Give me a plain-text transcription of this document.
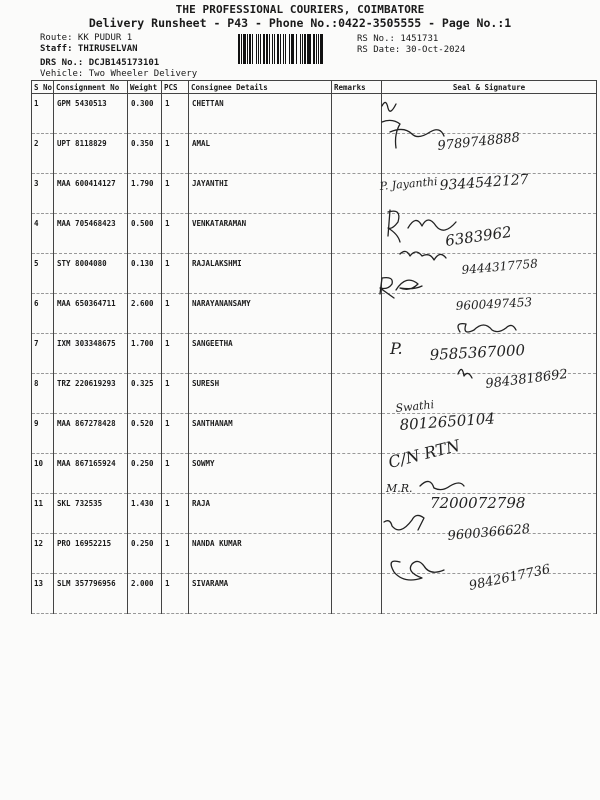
THE PROFESSIONAL COURIERS, COIMBATORE
Delivery Runsheet - P43 - Phone No.:0422-3505555 - Page No.:1
Route: KK PUDUR 1
Staff: THIRUSELVAN
DRS No.: DCJB145173101
Vehicle: Two Wheeler Delivery
RS No.: 1451731
RS Date: 30-Oct-2024
S No	Consignment No	Weight	PCS	Consignee Details	Remarks	Seal & Signature
1	GPM 5430513	0.300	1	CHETTAN		
2	UPT 8118829	0.350	1	AMAL		
3	MAA 600414127	1.790	1	JAYANTHI		
4	MAA 705468423	0.500	1	VENKATARAMAN		
5	STY 8004080	0.130	1	RAJALAKSHMI		
6	MAA 650364711	2.600	1	NARAYANANSAMY		
7	IXM 303348675	1.700	1	SANGEETHA		
8	TRZ 220619293	0.325	1	SURESH		
9	MAA 867278428	0.520	1	SANTHANAM		
10	MAA 867165924	0.250	1	SOWMY		
11	SKL 732535	1.430	1	RAJA		
12	PRO 16952215	0.250	1	NANDA KUMAR		
13	SLM 357796956	2.000	1	SIVARAMA		
9789748888
P. Jayanthi 9344542127
6383962
9444317758
9600497453
P. 9585367000
9843818692
Swathi
8012650104
C/N RTN
M.R.
7200072798
9600366628
9842617736
